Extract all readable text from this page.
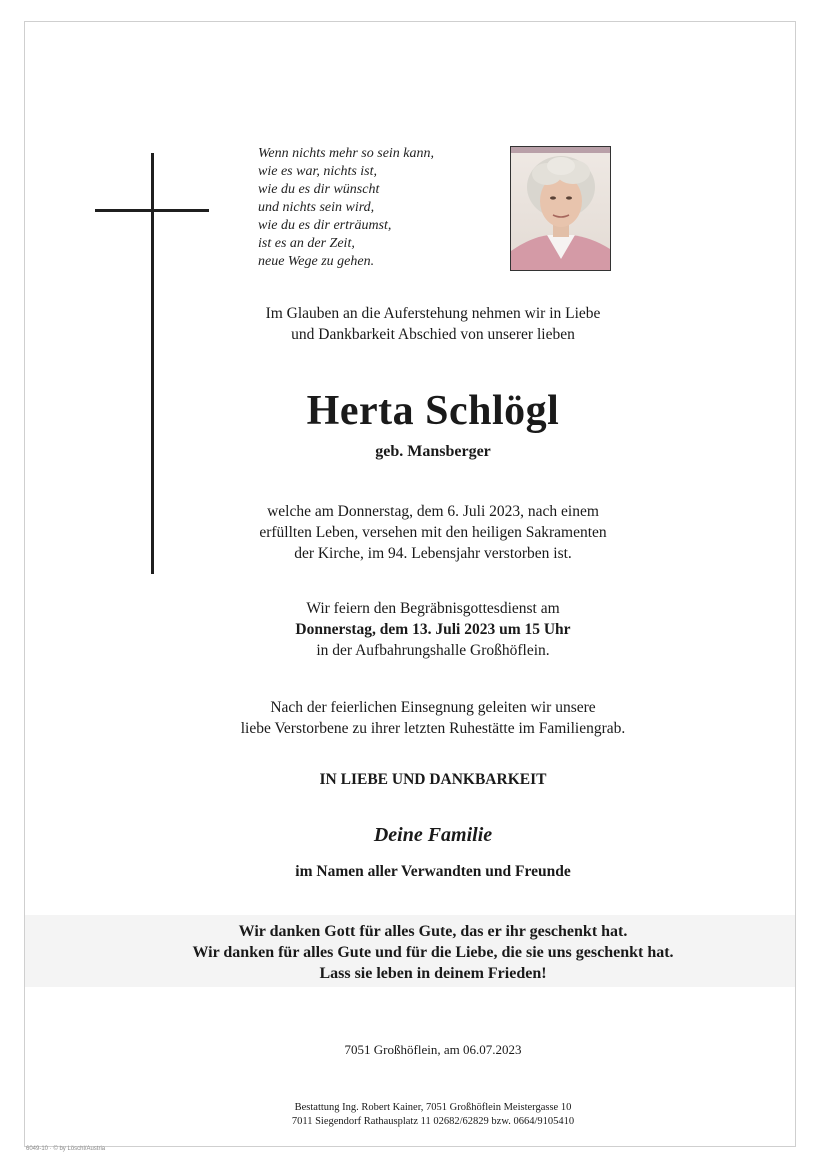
Wenn nichts mehr so sein kann,
wie es war, nichts ist,
wie du es dir wünscht
und nichts sein wird,
wie du es dir erträumst,
ist es an der Zeit,
neue Wege zu gehen.
Im Glauben an die Auferstehung nehmen wir in Liebe
und Dankbarkeit Abschied von unserer lieben
Herta Schlögl
geb. Mansberger
welche am Donnerstag, dem 6. Juli 2023, nach einem
erfüllten Leben, versehen mit den heiligen Sakramenten
der Kirche, im 94. Lebensjahr verstorben ist.
Wir feiern den Begräbnisgottesdienst am
Donnerstag, dem 13. Juli 2023 um 15 Uhr
in der Aufbahrungshalle Großhöflein.
Nach der feierlichen Einsegnung geleiten wir unsere
liebe Verstorbene zu ihrer letzten Ruhestätte im Familiengrab.
IN LIEBE UND DANKBARKEIT
Deine Familie
im Namen aller Verwandten und Freunde
Wir danken Gott für alles Gute, das er ihr geschenkt hat.
Wir danken für alles Gute und für die Liebe, die sie uns geschenkt hat.
Lass sie leben in deinem Frieden!
7051 Großhöflein, am 06.07.2023
Bestattung Ing. Robert Kainer, 7051 Großhöflein Meistergasse 10
7011 Siegendorf Rathausplatz 11 02682/62829 bzw. 0664/9105410
6049-10 · © by Löschl/Austria
